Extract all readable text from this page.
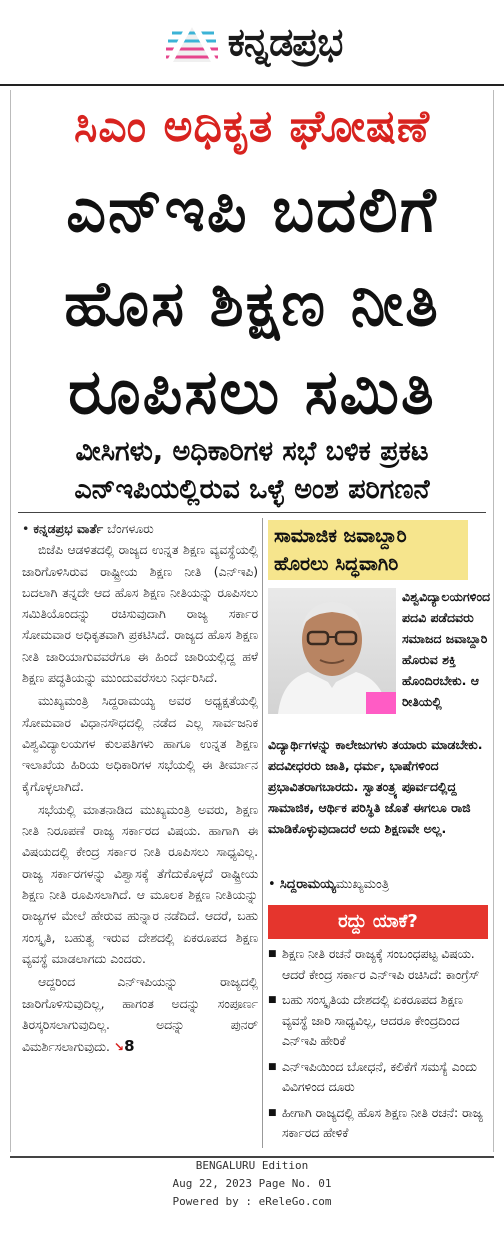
ಕನ್ನಡಪ್ರಭ
ಸಿಎಂ ಅಧಿಕೃತ ಘೋಷಣೆ
ಎನ್‌ಇಪಿ ಬದಲಿಗೆ
ಹೊಸ ಶಿಕ್ಷಣ ನೀತಿ
ರೂಪಿಸಲು ಸಮಿತಿ
ವೀಸಿಗಳು, ಅಧಿಕಾರಿಗಳ ಸಭೆ ಬಳಿಕ ಪ್ರಕಟ
ಎನ್‌ಇಪಿಯಲ್ಲಿರುವ ಒಳ್ಳೆ ಅಂಶ ಪರಿಗಣನೆ
• ಕನ್ನಡಪ್ರಭ ವಾರ್ತೆ ಬೆಂಗಳೂರು

ಬಿಜೆಪಿ ಆಡಳಿತದಲ್ಲಿ ರಾಜ್ಯದ ಉನ್ನತ ಶಿಕ್ಷಣ ವ್ಯವಸ್ಥೆಯಲ್ಲಿ ಜಾರಿಗೊಳಿಸಿರುವ ರಾಷ್ಟ್ರೀಯ ಶಿಕ್ಷಣ ನೀತಿ (ಎನ್‌ಇಪಿ) ಬದಲಾಗಿ ತನ್ನದೇ ಆದ ಹೊಸ ಶಿಕ್ಷಣ ನೀತಿಯನ್ನು ರೂಪಿಸಲು ಸಮಿತಿಯೊಂದನ್ನು ರಚಿಸುವುದಾಗಿ ರಾಜ್ಯ ಸರ್ಕಾರ ಸೋಮವಾರ ಅಧಿಕೃತವಾಗಿ ಪ್ರಕಟಿಸಿದೆ. ರಾಜ್ಯದ ಹೊಸ ಶಿಕ್ಷಣ ನೀತಿ ಜಾರಿಯಾಗುವವರೆಗೂ ಈ ಹಿಂದೆ ಜಾರಿಯಲ್ಲಿದ್ದ ಹಳೆ ಶಿಕ್ಷಣ ಪದ್ಧತಿಯನ್ನು ಮುಂದುವರೆಸಲು ನಿರ್ಧರಿಸಿದೆ.

ಮುಖ್ಯಮಂತ್ರಿ ಸಿದ್ದರಾಮಯ್ಯ ಅವರ ಅಧ್ಯಕ್ಷತೆಯಲ್ಲಿ ಸೋಮವಾರ ವಿಧಾನಸೌಧದಲ್ಲಿ ನಡೆದ ಎಲ್ಲ ಸಾರ್ವಜನಿಕ ವಿಶ್ವವಿದ್ಯಾಲಯಗಳ ಕುಲಪತಿಗಳು ಹಾಗೂ ಉನ್ನತ ಶಿಕ್ಷಣ ಇಲಾಖೆಯ ಹಿರಿಯ ಅಧಿಕಾರಿಗಳ ಸಭೆಯಲ್ಲಿ ಈ ತೀರ್ಮಾನ ಕೈಗೊಳ್ಳಲಾಗಿದೆ.

ಸಭೆಯಲ್ಲಿ ಮಾತನಾಡಿದ ಮುಖ್ಯಮಂತ್ರಿ ಅವರು, ಶಿಕ್ಷಣ ನೀತಿ ನಿರೂಪಣೆ ರಾಜ್ಯ ಸರ್ಕಾರದ ವಿಷಯ. ಹಾಗಾಗಿ ಈ ವಿಷಯದಲ್ಲಿ ಕೇಂದ್ರ ಸರ್ಕಾರ ನೀತಿ ರೂಪಿಸಲು ಸಾಧ್ಯವಿಲ್ಲ. ರಾಜ್ಯ ಸರ್ಕಾರಗಳನ್ನು ವಿಶ್ವಾಸಕ್ಕೆ ತೆಗೆದುಕೊಳ್ಳದೆ ರಾಷ್ಟ್ರೀಯ ಶಿಕ್ಷಣ ನೀತಿ ರೂಪಿಸಲಾಗಿದೆ. ಆ ಮೂಲಕ ಶಿಕ್ಷಣ ನೀತಿಯನ್ನು ರಾಜ್ಯಗಳ ಮೇಲೆ ಹೇರುವ ಹುನ್ನಾರ ನಡೆದಿದೆ. ಆದರೆ, ಬಹು ಸಂಸ್ಕೃತಿ, ಬಹುತ್ವ ಇರುವ ದೇಶದಲ್ಲಿ ಏಕರೂಪದ ಶಿಕ್ಷಣ ವ್ಯವಸ್ಥೆ ಮಾಡಲಾಗದು ಎಂದರು.

ಆದ್ದರಿಂದ ಎನ್‌ಇಪಿಯನ್ನು ರಾಜ್ಯದಲ್ಲಿ ಜಾರಿಗೊಳಿಸುವುದಿಲ್ಲ, ಹಾಗಂತ ಅದನ್ನು ಸಂಪೂರ್ಣ ತಿರಸ್ಕರಿಸಲಾಗುವುದಿಲ್ಲ. ಅದನ್ನು ಪುನರ್ ವಿಮರ್ಶಿಸಲಾಗುವುದು. ↘8

ಸಾಮಾಜಿಕ ಜವಾಬ್ದಾರಿ ಹೊರಲು ಸಿದ್ಧವಾಗಿರಿ
ವಿಶ್ವವಿದ್ಯಾಲಯಗಳಿಂದ ಪದವಿ ಪಡೆದವರು ಸಮಾಜದ ಜವಾಬ್ದಾರಿ ಹೊರುವ ಶಕ್ತಿ ಹೊಂದಿರಬೇಕು. ಆ ರೀತಿಯಲ್ಲಿ
ವಿದ್ಯಾರ್ಥಿಗಳನ್ನು ಕಾಲೇಜುಗಳು ತಯಾರು ಮಾಡಬೇಕು. ಪದವೀಧರರು ಜಾತಿ, ಧರ್ಮ, ಭಾಷೆಗಳಿಂದ ಪ್ರಭಾವಿತರಾಗಬಾರದು. ಸ್ವಾತಂತ್ರ್ಯ ಪೂರ್ವದಲ್ಲಿದ್ದ ಸಾಮಾಜಿಕ, ಆರ್ಥಿಕ ಪರಿಸ್ಥಿತಿ ಜೊತೆ ಈಗಲೂ ರಾಜಿ ಮಾಡಿಕೊಳ್ಳುವುದಾದರೆ ಅದು ಶಿಕ್ಷಣವೇ ಅಲ್ಲ.
• ಸಿದ್ದರಾಮಯ್ಯಮುಖ್ಯಮಂತ್ರಿ
ರದ್ದು ಯಾಕೆ?
■ ಶಿಕ್ಷಣ ನೀತಿ ರಚನೆ ರಾಜ್ಯಕ್ಕೆ ಸಂಬಂಧಪಟ್ಟ ವಿಷಯ. ಆದರೆ ಕೇಂದ್ರ ಸರ್ಕಾರ ಎನ್‌ಇಪಿ ರಚಿಸಿದೆ: ಕಾಂಗ್ರೆಸ್
■ ಬಹು ಸಂಸ್ಕೃತಿಯ ದೇಶದಲ್ಲಿ ಏಕರೂಪದ ಶಿಕ್ಷಣ ವ್ಯವಸ್ಥೆ ಜಾರಿ ಸಾಧ್ಯವಿಲ್ಲ, ಆದರೂ ಕೇಂದ್ರದಿಂದ ಎನ್‌ಇಪಿ ಹೇರಿಕೆ
■ ಎನ್‌ಇಪಿಯಿಂದ ಬೋಧನೆ, ಕಲಿಕೆಗೆ ಸಮಸ್ಯೆ ಎಂದು ವಿವಿಗಳಿಂದ ದೂರು
■ ಹೀಗಾಗಿ ರಾಜ್ಯದಲ್ಲಿ ಹೊಸ ಶಿಕ್ಷಣ ನೀತಿ ರಚನೆ: ರಾಜ್ಯ ಸರ್ಕಾರದ ಹೇಳಿಕೆ
BENGALURU Edition
Aug 22, 2023 Page No. 01
Powered by : eReleGo.com
